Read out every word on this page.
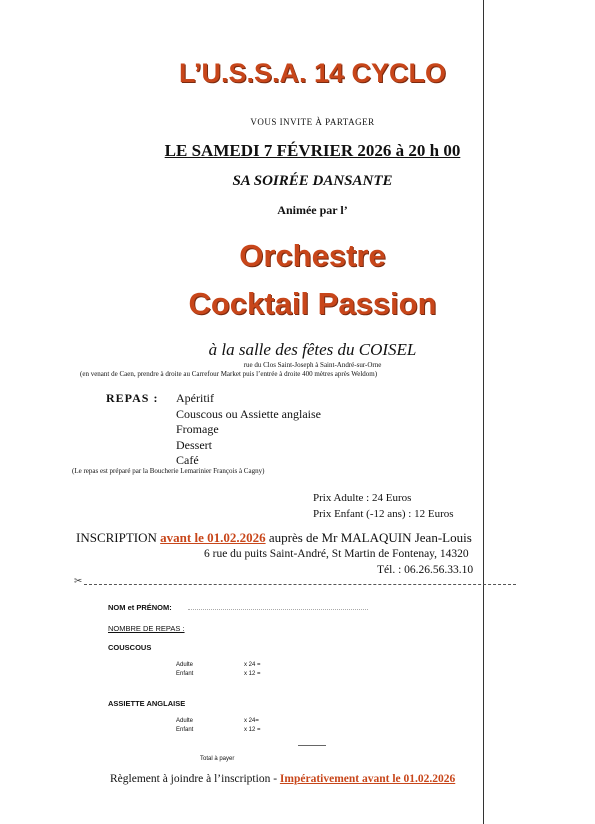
L’U.S.S.A. 14 CYCLO
VOUS INVITE À PARTAGER
LE SAMEDI 7 FÉVRIER 2026 à 20 h 00
SA SOIRÉE DANSANTE
Animée par l’
Orchestre
Cocktail Passion
à la salle des fêtes du COISEL
rue du Clos Saint-Joseph à Saint-André-sur-Orne
(en venant de Caen, prendre à droite au Carrefour Market puis l’entrée à droite 400 mètres après Weldom)
REPAS : Apéritif
Couscous ou Assiette anglaise
Fromage
Dessert
Café
(Le repas est préparé par la Boucherie Lemarinier François à Cagny)
Prix Adulte : 24 Euros
Prix Enfant (-12 ans) : 12 Euros
INSCRIPTION avant le 01.02.2026 auprès de Mr MALAQUIN Jean-Louis
6 rue du puits Saint-André, St Martin de Fontenay, 14320
Tél. : 06.26.56.33.10
✂
NOM et PRÉNOM:
NOMBRE DE REPAS :
COUSCOUS
Adulte	x 24 =
Enfant	x 12 =
ASSIETTE ANGLAISE
Adulte	x 24=
Enfant	x 12 =
Total à payer
Règlement à joindre à l’inscription - Impérativement avant le 01.02.2026
